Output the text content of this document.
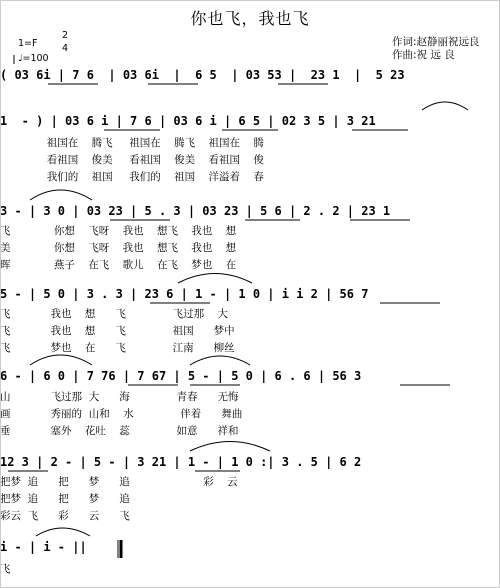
你也飞，我也飞
作词:赵静丽祝远良
作曲:祝 远 良
1=F
2
4
♩=100
( 03 6i | 7 6  | 03 6i  |  6 5  | 03 53 |  23 1  |  5 23
1  - ) | 03 6 i | 7 6 | 03 6 i | 6 5 | 02 3 5 | 3 21
祖国在    腾飞     祖国在    腾飞    祖国在    腾
看祖国    俊美     看祖国    俊美    看祖国    俊
我们的    祖国     我们的    祖国    洋溢着    春
3 - | 3 0 | 03 23 | 5 . 3 | 03 23 | 5 6 | 2 . 2 | 23 1
飞             你想    飞呀    我也    想飞    我也    想
美             你想    飞呀    我也    想飞    我也    想
晖             燕子    在飞    歌儿    在飞    梦也    在
5 - | 5 0 | 3 . 3 | 23 6 | 1 - | 1 0 | i i 2 | 56 7
飞            我也    想      飞              飞过那    大
飞            我也    想      飞              祖国      梦中
飞            梦也    在      飞              江南      柳丝
6 - | 6 0 | 7 76 | 7 67 | 5 - | 5 0 | 6 . 6 | 56 3
山            飞过那  大      海              青春      无悔
画            秀丽的  山和    水              伴着      舞曲
垂            塞外    花吐    蕊              如意      祥和
12 3 | 2 - | 5 - | 3 21 | 1 - | 1 0 :| 3 . 5 | 6 2
把梦  追      把      梦      追                      彩    云
把梦  追      把      梦      追
彩云  飞      彩      云      飞
i - | i - ||
飞
